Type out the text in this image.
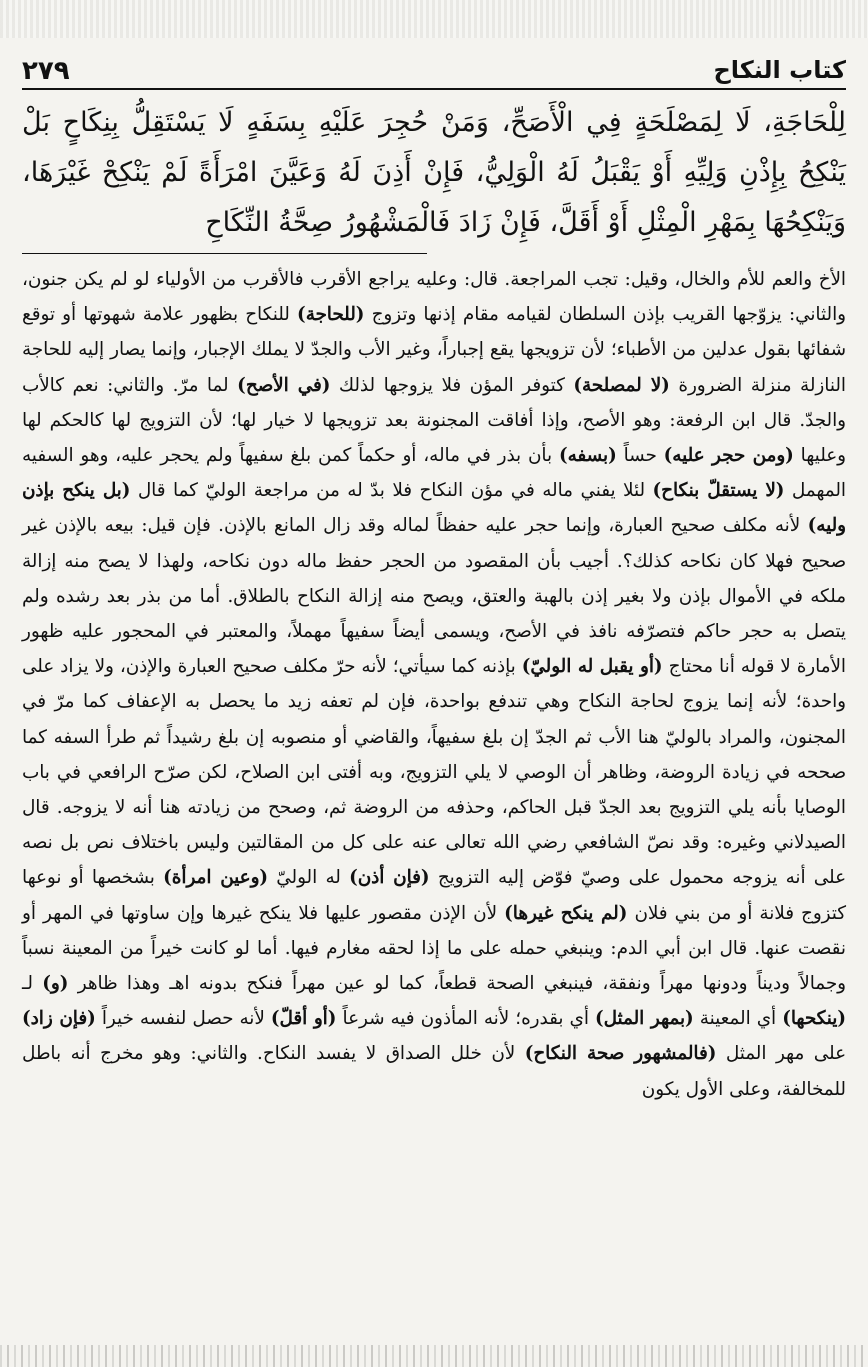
كتاب النكاح
٢٧٩
لِلْحَاجَةِ، لَا لِمَصْلَحَةٍ فِي الْأَصَحِّ، وَمَنْ حُجِرَ عَلَيْهِ بِسَفَهٍ لَا يَسْتَقِلُّ بِنِكَاحٍ بَلْ يَنْكِحُ بِإِذْنِ وَلِيِّهِ أَوْ يَقْبَلُ لَهُ الْوَلِيُّ، فَإِنْ أَذِنَ لَهُ وَعَيَّنَ امْرَأَةً لَمْ يَنْكِحْ غَيْرَهَا، وَيَنْكِحُهَا بِمَهْرِ الْمِثْلِ أَوْ أَقَلَّ، فَإِنْ زَادَ فَالْمَشْهُورُ صِحَّةُ النِّكَاحِ
الأخ والعم للأم والخال، وقيل: تجب المراجعة. قال: وعليه يراجع الأقرب فالأقرب من الأولياء لو لم يكن جنون، والثاني: يزوّجها القريب بإذن السلطان لقيامه مقام إذنها وتزوج (للحاجة) للنكاح بظهور علامة شهوتها أو توقع شفائها بقول عدلين من الأطباء؛ لأن تزويجها يقع إجباراً، وغير الأب والجدّ لا يملك الإجبار، وإنما يصار إليه للحاجة النازلة منزلة الضرورة (لا لمصلحة) كتوفر المؤن فلا يزوجها لذلك (في الأصح) لما مرّ. والثاني: نعم كالأب والجدّ. قال ابن الرفعة: وهو الأصح، وإذا أفاقت المجنونة بعد تزويجها لا خيار لها؛ لأن التزويج لها كالحكم لها وعليها (ومن حجر عليه) حساً (بسفه) بأن بذر في ماله، أو حكماً كمن بلغ سفيهاً ولم يحجر عليه، وهو السفيه المهمل (لا يستقلّ بنكاح) لئلا يفني ماله في مؤن النكاح فلا بدّ له من مراجعة الوليّ كما قال (بل ينكح بإذن وليه) لأنه مكلف صحيح العبارة، وإنما حجر عليه حفظاً لماله وقد زال المانع بالإذن. فإن قيل: بيعه بالإذن غير صحيح فهلا كان نكاحه كذلك؟. أجيب بأن المقصود من الحجر حفظ ماله دون نكاحه، ولهذا لا يصح منه إزالة ملكه في الأموال بإذن ولا بغير إذن بالهبة والعتق، ويصح منه إزالة النكاح بالطلاق. أما من بذر بعد رشده ولم يتصل به حجر حاكم فتصرّفه نافذ في الأصح، ويسمى أيضاً سفيهاً مهملاً، والمعتبر في المحجور عليه ظهور الأمارة لا قوله أنا محتاج (أو يقبل له الوليّ) بإذنه كما سيأتي؛ لأنه حرّ مكلف صحيح العبارة والإذن، ولا يزاد على واحدة؛ لأنه إنما يزوج لحاجة النكاح وهي تندفع بواحدة، فإن لم تعفه زيد ما يحصل به الإعفاف كما مرّ في المجنون، والمراد بالوليّ هنا الأب ثم الجدّ إن بلغ سفيهاً، والقاضي أو منصوبه إن بلغ رشيداً ثم طرأ السفه كما صححه في زيادة الروضة، وظاهر أن الوصي لا يلي التزويج، وبه أفتى ابن الصلاح، لكن صرّح الرافعي في باب الوصايا بأنه يلي التزويج بعد الجدّ قبل الحاكم، وحذفه من الروضة ثم، وصحح من زيادته هنا أنه لا يزوجه. قال الصيدلاني وغيره: وقد نصّ الشافعي رضي الله تعالى عنه على كل من المقالتين وليس باختلاف نص بل نصه على أنه يزوجه محمول على وصيّ فوّض إليه التزويج (فإن أذن) له الوليّ (وعين امرأة) بشخصها أو نوعها كتزوج فلانة أو من بني فلان (لم ينكح غيرها) لأن الإذن مقصور عليها فلا ينكح غيرها وإن ساوتها في المهر أو نقصت عنها. قال ابن أبي الدم: وينبغي حمله على ما إذا لحقه مغارم فيها. أما لو كانت خيراً من المعينة نسباً وجمالاً وديناً ودونها مهراً ونفقة، فينبغي الصحة قطعاً، كما لو عين مهراً فنكح بدونه اهـ وهذا ظاهر (و) لـ (ينكحها) أي المعينة (بمهر المثل) أي بقدره؛ لأنه المأذون فيه شرعاً (أو أقلّ) لأنه حصل لنفسه خيراً (فإن زاد) على مهر المثل (فالمشهور صحة النكاح) لأن خلل الصداق لا يفسد النكاح. والثاني: وهو مخرج أنه باطل للمخالفة، وعلى الأول يكون
